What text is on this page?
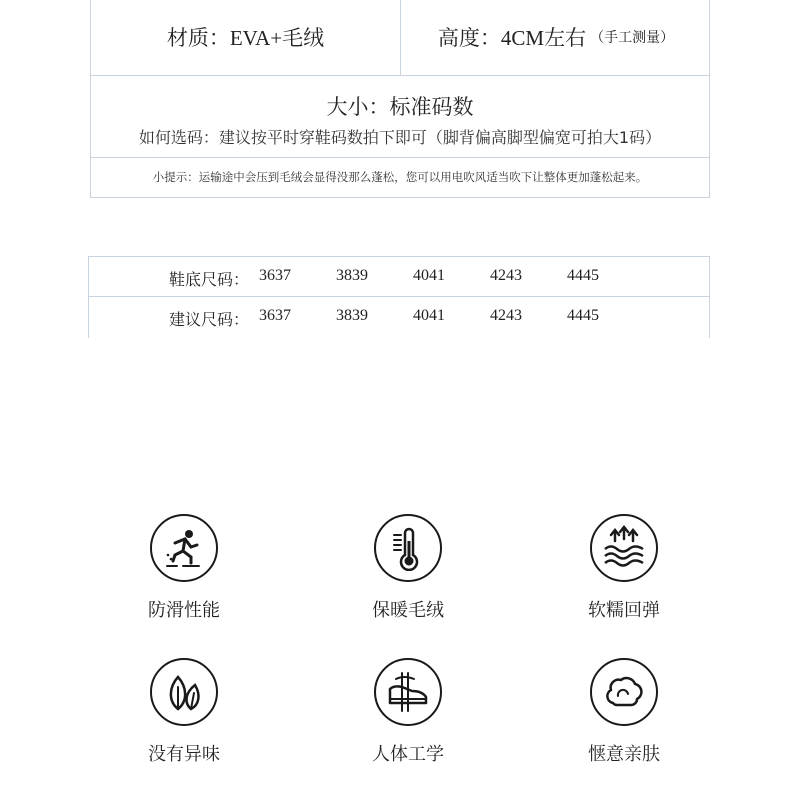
材质： EVA+毛绒	高度： 4CM左右 （手工测量）
大小：标准码数
如何选码：建议按平时穿鞋码数拍下即可（脚背偏高脚型偏宽可拍大1码）
小提示：运输途中会压到毛绒会显得没那么蓬松，您可以用电吹风适当吹下让整体更加蓬松起来。
鞋底尺码： 3637	3839	4041	4243	4445
建议尺码： 3637	3839	4041	4243	4445
防滑性能	保暖毛绒	软糯回弹
没有异味	人体工学	惬意亲肤
